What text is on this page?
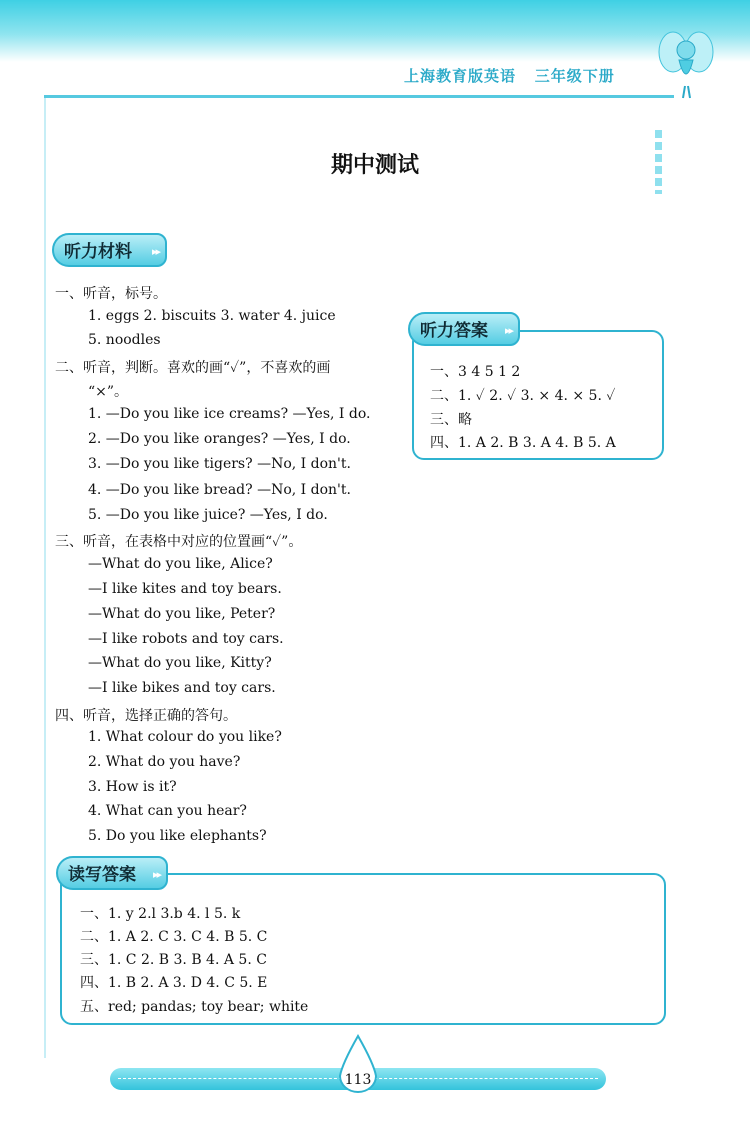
上海教育版英语 三年级下册
期中测试
听力材料 ▸▸
一、听音，标号。
1. eggs 2. biscuits 3. water 4. juice
5. noodles
二、听音，判断。喜欢的画“✓”，不喜欢的画
“×”。
1. —Do you like ice creams? —Yes, I do.
2. —Do you like oranges? —Yes, I do.
3. —Do you like tigers? —No, I don't.
4. —Do you like bread? —No, I don't.
5. —Do you like juice? —Yes, I do.
三、听音，在表格中对应的位置画“✓”。
—What do you like, Alice?
—I like kites and toy bears.
—What do you like, Peter?
—I like robots and toy cars.
—What do you like, Kitty?
—I like bikes and toy cars.
四、听音，选择正确的答句。
1. What colour do you like?
2. What do you have?
3. How is it?
4. What can you hear?
5. Do you like elephants?
听力答案 ▸▸
一、3 4 5 1 2
二、1. ✓ 2. ✓ 3. × 4. × 5. ✓
三、略
四、1. A 2. B 3. A 4. B 5. A
读写答案 ▸▸
一、1. y 2.l 3.b 4. l 5. k
二、1. A 2. C 3. C 4. B 5. C
三、1. C 2. B 3. B 4. A 5. C
四、1. B 2. A 3. D 4. C 5. E
五、red; pandas; toy bear; white
113
